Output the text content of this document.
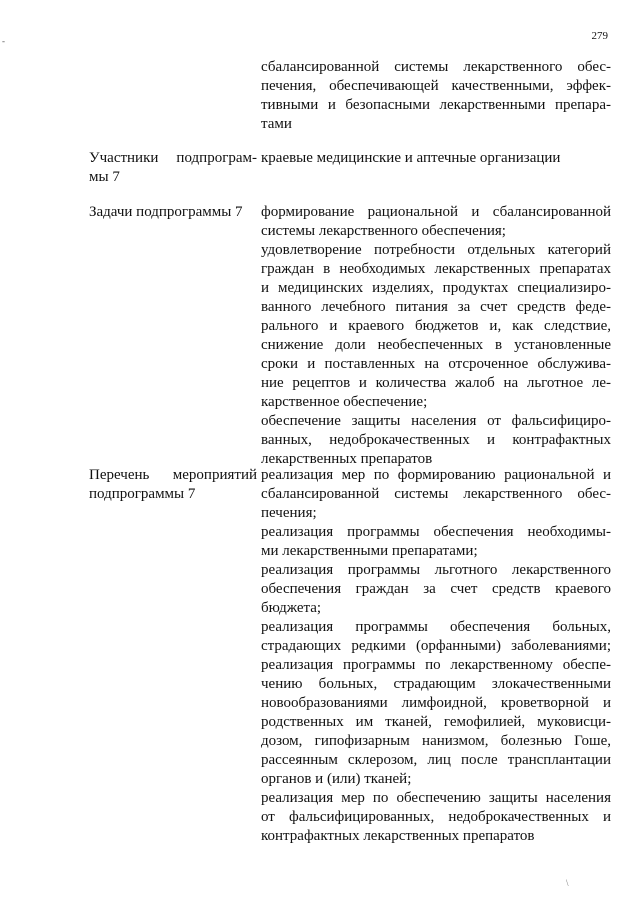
279
-
\
сбалансированной системы лекарственного обес-
печения, обеспечивающей качественными, эффек-
тивными и безопасными лекарственными препара-
тами
Участники подпрограм-
мы 7
краевые медицинские и аптечные организации
Задачи подпрограммы 7	формирование рациональной и сбалансированной
системы лекарственного обеспечения;
удовлетворение потребности отдельных категорий
граждан в необходимых лекарственных препаратах
и медицинских изделиях, продуктах специализиро-
ванного лечебного питания за счет средств феде-
рального и краевого бюджетов и, как следствие,
снижение доли необеспеченных в установленные
сроки и поставленных на отсроченное обслужива-
ние рецептов и количества жалоб на льготное ле-
карственное обеспечение;
обеспечение защиты населения от фальсифициро-
ванных, недоброкачественных и контрафактных
лекарственных препаратов
Перечень мероприятий
подпрограммы 7
реализация мер по формированию рациональной и
сбалансированной системы лекарственного обес-
печения;
реализация программы обеспечения необходимы-
ми лекарственными препаратами;
реализация программы льготного лекарственного
обеспечения граждан за счет средств краевого
бюджета;
реализация программы обеспечения больных,
страдающих редкими (орфанными) заболеваниями;
реализация программы по лекарственному обеспе-
чению больных, страдающим злокачественными
новообразованиями лимфоидной, кроветворной и
родственных им тканей, гемофилией, муковисци-
дозом, гипофизарным нанизмом, болезнью Гоше,
рассеянным склерозом, лиц после трансплантации
органов и (или) тканей;
реализация мер по обеспечению защиты населения
от фальсифицированных, недоброкачественных и
контрафактных лекарственных препаратов
